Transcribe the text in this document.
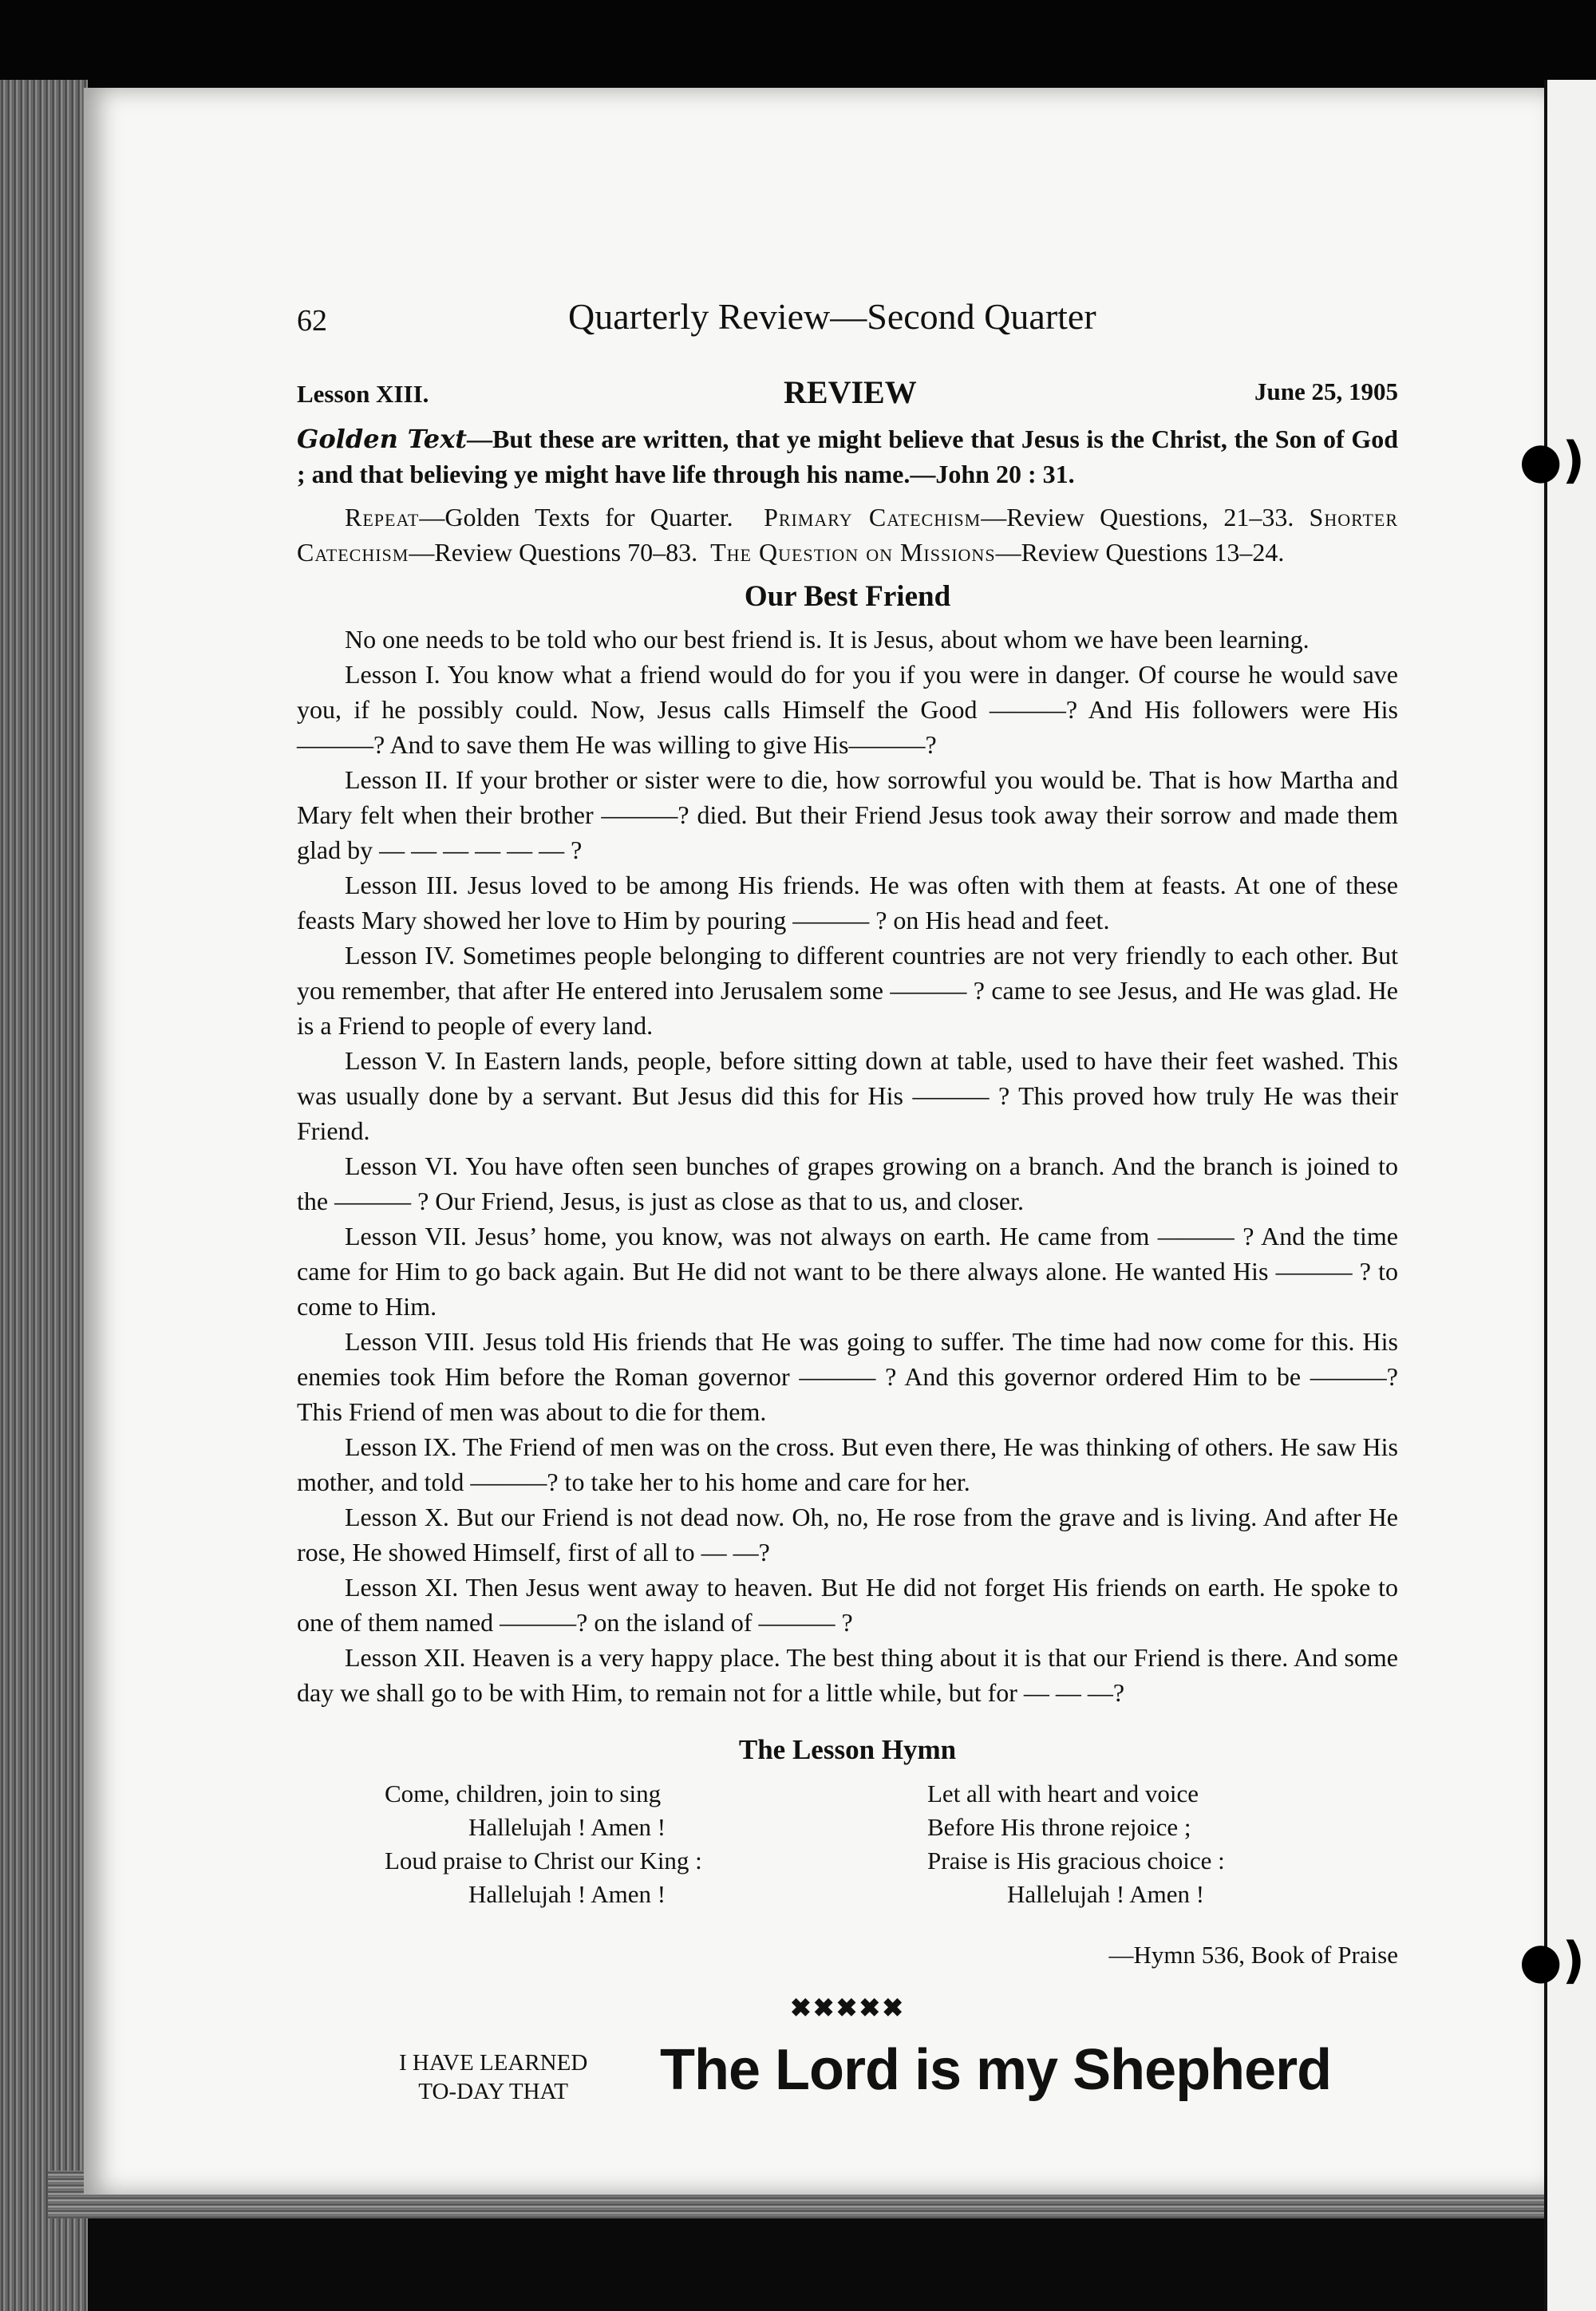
●)
●)
62	Quarterly Review—Second Quarter
Lesson XIII.	REVIEW	June 25, 1905

Golden Text—But these are written, that ye might believe that Jesus is the Christ, the Son of God ; and that believing ye might have life through his name.—John 20 : 31.

Repeat—Golden Texts for Quarter. Primary Catechism—Review Questions, 21–33. Shorter Catechism—Review Questions 70–83. The Question on Missions—Review Questions 13–24.

Our Best Friend

No one needs to be told who our best friend is. It is Jesus, about whom we have been learning.

Lesson I. You know what a friend would do for you if you were in danger. Of course he would save you, if he possibly could. Now, Jesus calls Himself the Good ———? And His followers were His ———? And to save them He was willing to give His———?

Lesson II. If your brother or sister were to die, how sorrowful you would be. That is how Martha and Mary felt when their brother ———? died. But their Friend Jesus took away their sorrow and made them glad by — — — — — — ?

Lesson III. Jesus loved to be among His friends. He was often with them at feasts. At one of these feasts Mary showed her love to Him by pouring ——— ? on His head and feet.

Lesson IV. Sometimes people belonging to different countries are not very friendly to each other. But you remember, that after He entered into Jerusalem some ——— ? came to see Jesus, and He was glad. He is a Friend to people of every land.

Lesson V. In Eastern lands, people, before sitting down at table, used to have their feet washed. This was usually done by a servant. But Jesus did this for His ——— ? This proved how truly He was their Friend.

Lesson VI. You have often seen bunches of grapes growing on a branch. And the branch is joined to the ——— ? Our Friend, Jesus, is just as close as that to us, and closer.

Lesson VII. Jesus’ home, you know, was not always on earth. He came from ——— ? And the time came for Him to go back again. But He did not want to be there always alone. He wanted His ——— ? to come to Him.

Lesson VIII. Jesus told His friends that He was going to suffer. The time had now come for this. His enemies took Him before the Roman governor ——— ? And this governor ordered Him to be ———? This Friend of men was about to die for them.

Lesson IX. The Friend of men was on the cross. But even there, He was thinking of others. He saw His mother, and told ———? to take her to his home and care for her.

Lesson X. But our Friend is not dead now. Oh, no, He rose from the grave and is living. And after He rose, He showed Himself, first of all to — —?

Lesson XI. Then Jesus went away to heaven. But He did not forget His friends on earth. He spoke to one of them named ———? on the island of ——— ?

Lesson XII. Heaven is a very happy place. The best thing about it is that our Friend is there. And some day we shall go to be with Him, to remain not for a little while, but for — — —?

The Lesson Hymn
Come, children, join to sing
Hallelujah ! Amen !
Loud praise to Christ our King :
Hallelujah ! Amen !
Let all with heart and voice
Before His throne rejoice ;
Praise is His gracious choice :
Hallelujah ! Amen !
—Hymn 536, Book of Praise
✖✖✖✖✖
I HAVE LEARNED
TO-DAY THAT	The Lord is my Shepherd
